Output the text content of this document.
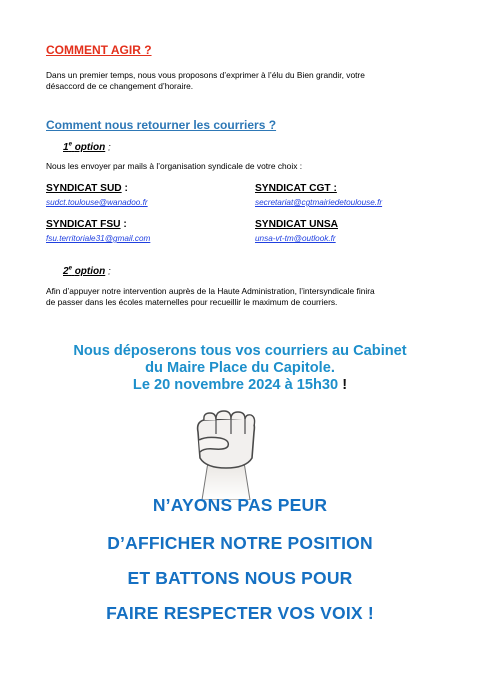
COMMENT AGIR ?
Dans un premier temps, nous vous proposons d’exprimer à l’élu du Bien grandir, votre
désaccord de ce changement d’horaire.
Comment nous retourner les courriers ?
1e option :
Nous les envoyer par mails à l’organisation syndicale de votre choix :
SYNDICAT SUD :
sudct.toulouse@wanadoo.fr
SYNDICAT CGT :
secretariat@cgtmairiedetoulouse.fr
SYNDICAT FSU :
fsu.territoriale31@gmail.com
SYNDICAT UNSA
unsa-vt-tm@outlook.fr
2e option :
Afin d’appuyer notre intervention auprès de la Haute Administration, l’intersyndicale finira
de passer dans les écoles maternelles pour recueillir le maximum de courriers.
Nous déposerons tous vos courriers au Cabinet
du Maire Place du Capitole.
Le 20 novembre 2024 à 15h30 !
N’AYONS PAS PEUR
D’AFFICHER NOTRE POSITION
ET BATTONS NOUS POUR
FAIRE RESPECTER VOS VOIX !
